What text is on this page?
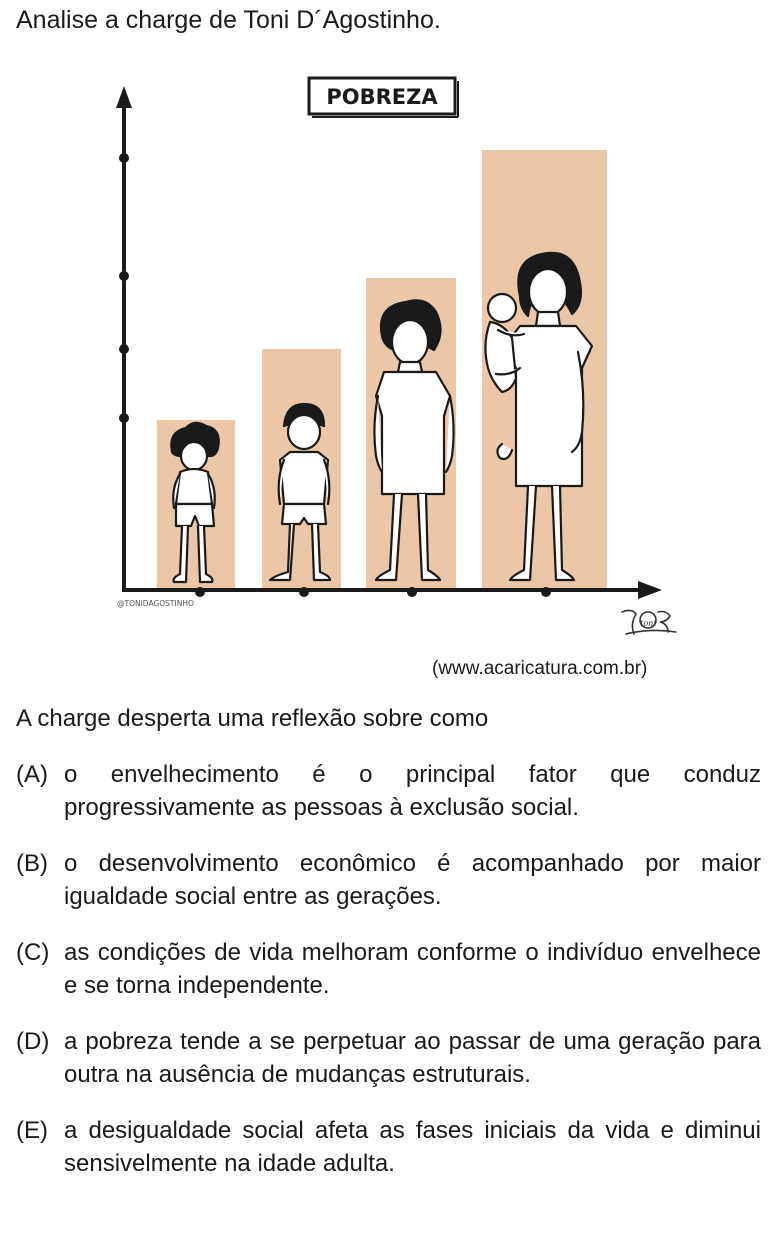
Analise a charge de Toni D´Agostinho.

POBREZA
@TONIDAGOSTINHO
toni
(www.acaricatura.com.br)
A charge desperta uma reflexão sobre como
(A) o envelhecimento é o principal fator que conduz progressivamente as pessoas à exclusão social.
(B) o desenvolvimento econômico é acompanhado por maior igualdade social entre as gerações.
(C) as condições de vida melhoram conforme o indivíduo envelhece e se torna independente.
(D) a pobreza tende a se perpetuar ao passar de uma geração para outra na ausência de mudanças estruturais.
(E) a desigualdade social afeta as fases iniciais da vida e diminui sensivelmente na idade adulta.
